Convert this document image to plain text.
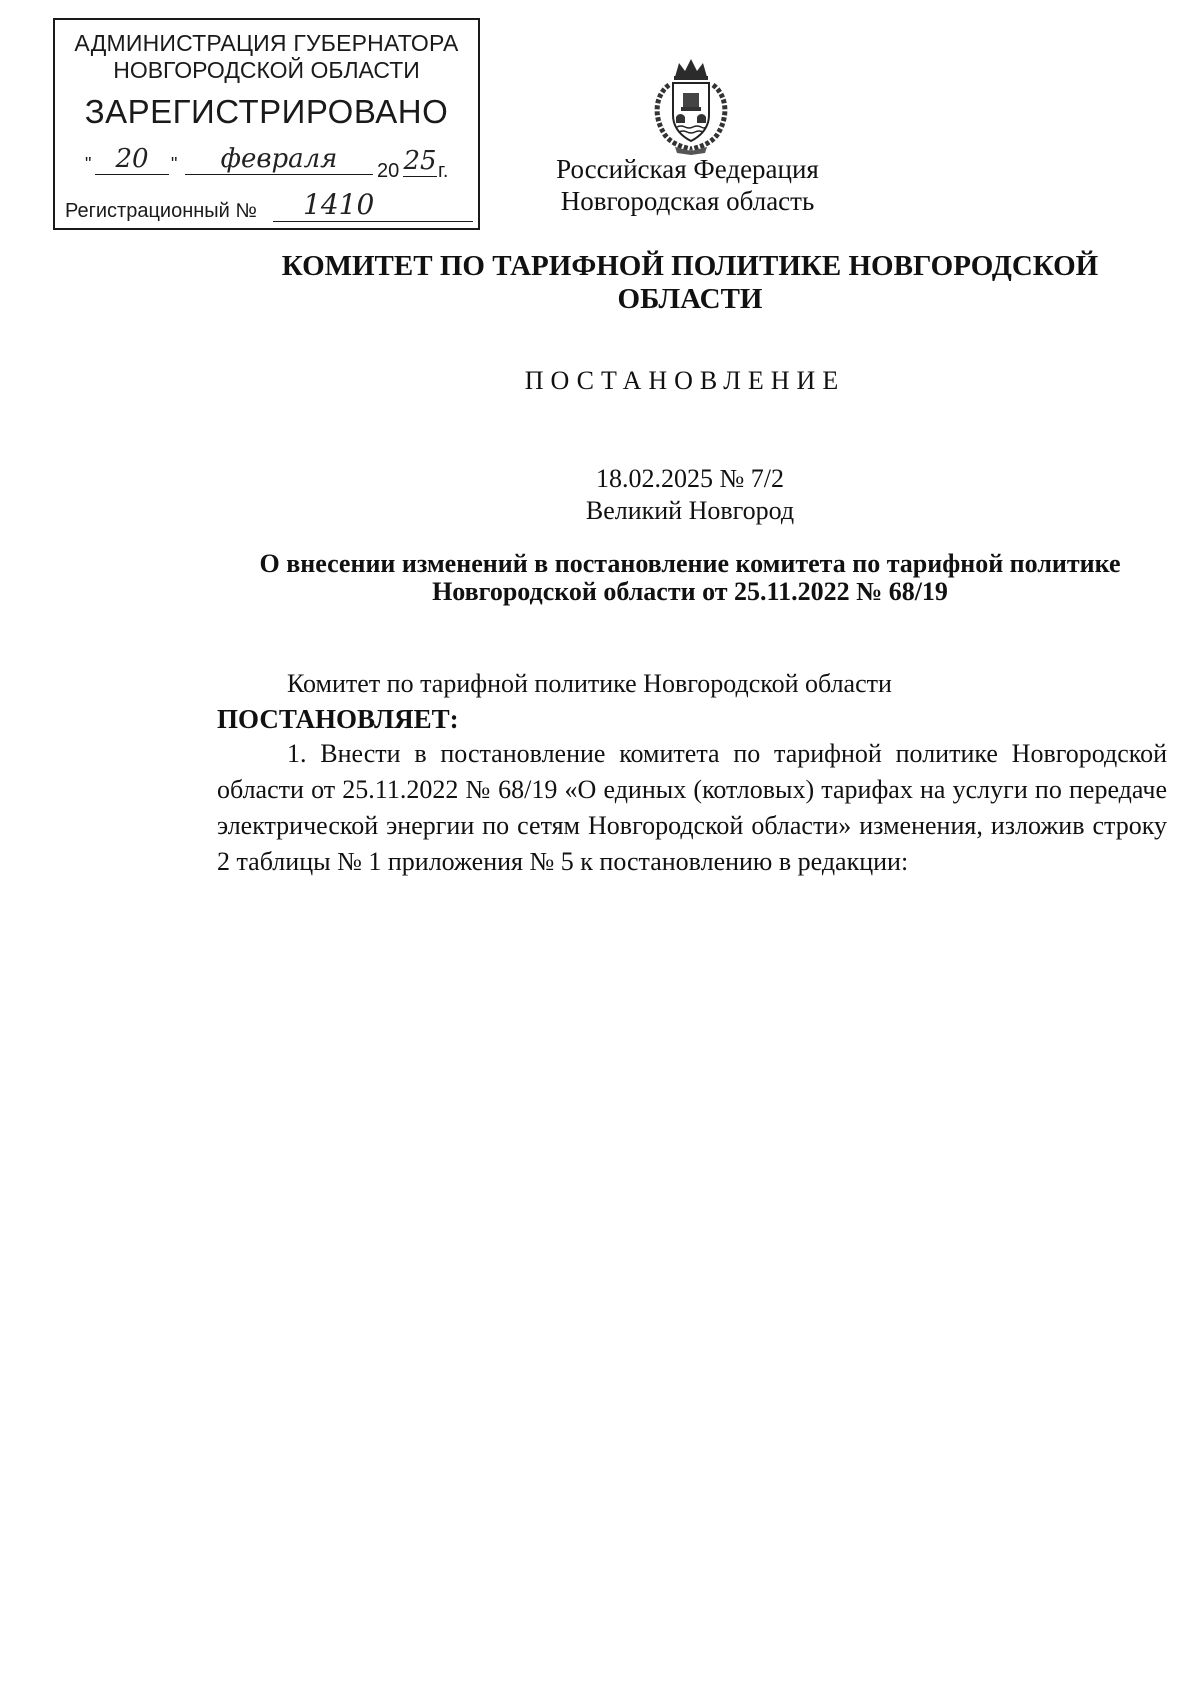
АДМИНИСТРАЦИЯ ГУБЕРНАТОРА
НОВГОРОДСКОЙ ОБЛАСТИ
ЗАРЕГИСТРИРОВАНО
" 20	"	февраля	20 25 г.
Регистрационный №	1410
Российская Федерация
Новгородская область
КОМИТЕТ ПО ТАРИФНОЙ ПОЛИТИКЕ НОВГОРОДСКОЙ
ОБЛАСТИ
ПОСТАНОВЛЕНИЕ
18.02.2025 № 7/2
Великий Новгород
О внесении изменений в постановление комитета по тарифной политике
Новгородской области от 25.11.2022 № 68/19

Комитет по тарифной политике Новгородской области

ПОСТАНОВЛЯЕТ:

1. Внести в постановление комитета по тарифной политике Новгородской области от 25.11.2022 № 68/19 «О единых (котловых) тарифах на услуги по передаче электрической энергии по сетям Новгородской области» изменения, изложив строку 2 таблицы № 1 приложения № 5 к постановлению в редакции:
